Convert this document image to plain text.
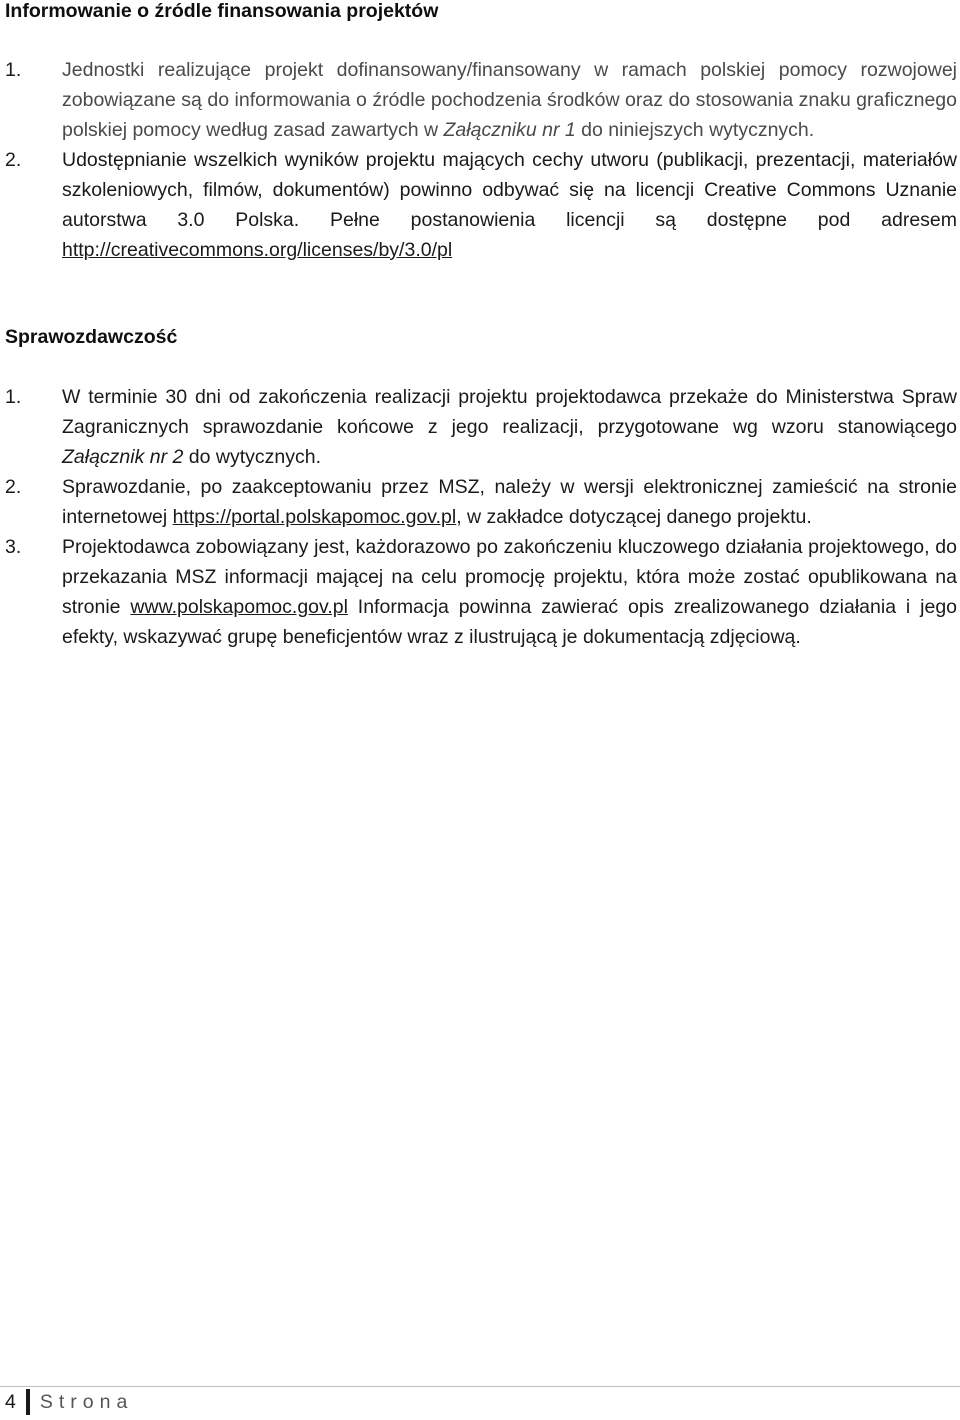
Informowanie o źródle finansowania projektów
1.	Jednostki realizujące projekt dofinansowany/finansowany w ramach polskiej pomocy rozwojowej zobowiązane są do informowania o źródle pochodzenia środków oraz do stosowania znaku graficznego polskiej pomocy według zasad zawartych w Załączniku nr 1 do niniejszych wytycznych.
2.	Udostępnianie wszelkich wyników projektu mających cechy utworu (publikacji, prezentacji, materiałów szkoleniowych, filmów, dokumentów) powinno odbywać się na licencji Creative Commons Uznanie autorstwa 3.0 Polska. Pełne postanowienia licencji są dostępne pod adresem http://creativecommons.org/licenses/by/3.0/pl
Sprawozdawczość
1.	W terminie 30 dni od zakończenia realizacji projektu projektodawca przekaże do Ministerstwa Spraw Zagranicznych sprawozdanie końcowe z jego realizacji, przygotowane wg wzoru stanowiącego Załącznik nr 2 do wytycznych.
2.	Sprawozdanie, po zaakceptowaniu przez MSZ, należy w wersji elektronicznej zamieścić na stronie internetowej https://portal.polskapomoc.gov.pl, w zakładce dotyczącej danego projektu.
3.	Projektodawca zobowiązany jest, każdorazowo po zakończeniu kluczowego działania projektowego, do przekazania MSZ informacji mającej na celu promocję projektu, która może zostać opublikowana na stronie www.polskapomoc.gov.pl Informacja powinna zawierać opis zrealizowanego działania i jego efekty, wskazywać grupę beneficjentów wraz z ilustrującą je dokumentacją zdjęciową.
4 Strona
